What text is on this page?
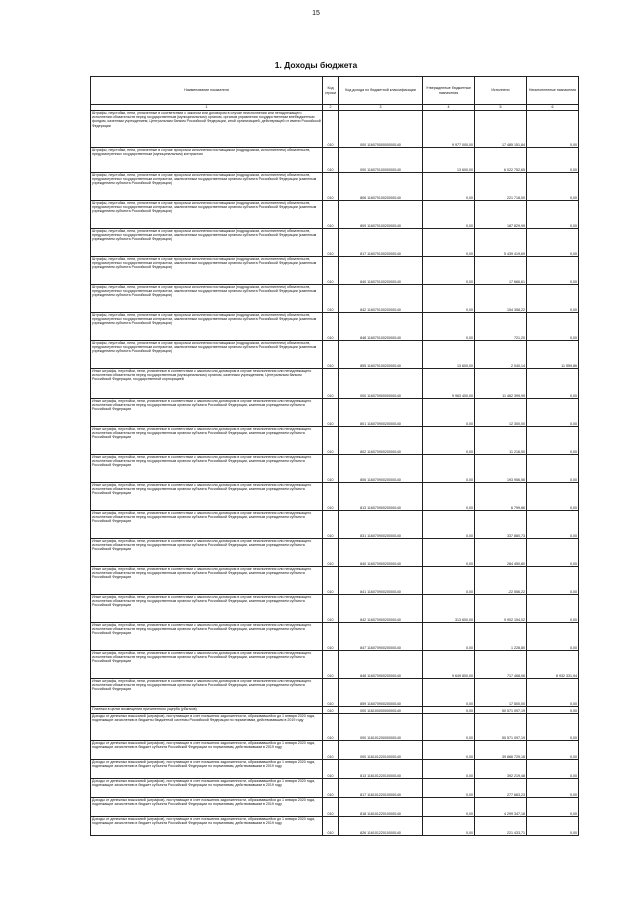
15
1. Доходы бюджета
Наименование показателя	Код строки	Код дохода по бюджетной классификации	Утвержденные бюджетные назначения	Исполнено	Неисполненные назначения
1	2	3	4	5	6
Штрафы, неустойки, пени, уплаченные в соответствии с законом или договором в случае неисполнения или ненадлежащего исполнения обязательств перед государственным (муниципальным) органом, органом управления государственным внебюджетным фондом, казенным учреждением, Центральным банком Российской Федерации, иной организацией, действующей от имени Российской Федерации	010	000 11607000000000140	9 977 000,00	17 485 151,84	0,00
Штрафы, неустойки, пени, уплаченные в случае просрочки исполнения поставщиком (подрядчиком, исполнителем) обязательств, предусмотренных государственным (муниципальным) контрактом	010	000 11607010000000140	13 600,00	6 022 752,65	0,00
Штрафы, неустойки, пени, уплаченные в случае просрочки исполнения поставщиком (подрядчиком, исполнителем) обязательств, предусмотренных государственным контрактом, заключенным государственным органом субъекта Российской Федерации (казенным учреждением субъекта Российской Федерации)	010	806 11607010020000140	0,00	221 718,00	0,00
Штрафы, неустойки, пени, уплаченные в случае просрочки исполнения поставщиком (подрядчиком, исполнителем) обязательств, предусмотренных государственным контрактом, заключенным государственным органом субъекта Российской Федерации (казенным учреждением субъекта Российской Федерации)	010	809 11607010020000140	0,00	187 829,99	0,00
Штрафы, неустойки, пени, уплаченные в случае просрочки исполнения поставщиком (подрядчиком, исполнителем) обязательств, предусмотренных государственным контрактом, заключенным государственным органом субъекта Российской Федерации (казенным учреждением субъекта Российской Федерации)	010	817 11607010020000140	0,00	5 439 419,69	0,00
Штрафы, неустойки, пени, уплаченные в случае просрочки исполнения поставщиком (подрядчиком, исполнителем) обязательств, предусмотренных государственным контрактом, заключенным государственным органом субъекта Российской Федерации (казенным учреждением субъекта Российской Федерации)	010	840 11607010020000140	0,00	17 666,61	0,00
Штрафы, неустойки, пени, уплаченные в случае просрочки исполнения поставщиком (подрядчиком, исполнителем) обязательств, предусмотренных государственным контрактом, заключенным государственным органом субъекта Российской Федерации (казенным учреждением субъекта Российской Федерации)	010	842 11607010020000140	0,00	154 358,22	0,00
Штрафы, неустойки, пени, уплаченные в случае просрочки исполнения поставщиком (подрядчиком, исполнителем) обязательств, предусмотренных государственным контрактом, заключенным государственным органом субъекта Российской Федерации (казенным учреждением субъекта Российской Федерации)	010	848 11607010020000140	0,00	721,20	0,00
Штрафы, неустойки, пени, уплаченные в случае просрочки исполнения поставщиком (подрядчиком, исполнителем) обязательств, предусмотренных государственным контрактом, заключенным государственным органом субъекта Российской Федерации (казенным учреждением субъекта Российской Федерации)	010	855 11607010020000140	13 600,00	2 040,14	11 559,86
Иные штрафы, неустойки, пени, уплаченные в соответствии с законом или договором в случае неисполнения или ненадлежащего исполнения обязательств перед государственным (муниципальным) органом, казенным учреждением, Центральным банком Российской Федерации, государственной корпорацией	010	000 11607090000000140	9 963 400,00	11 462 399,99	0,00
Иные штрафы, неустойки, пени, уплаченные в соответствии с законом или договором в случае неисполнения или ненадлежащего исполнения обязательств перед государственным органом субъекта Российской Федерации, казенным учреждением субъекта Российской Федерации	010	801 11607090020000140	0,00	12 300,00	0,00
Иные штрафы, неустойки, пени, уплаченные в соответствии с законом или договором в случае неисполнения или ненадлежащего исполнения обязательств перед государственным органом субъекта Российской Федерации, казенным учреждением субъекта Российской Федерации	010	802 11607090020000140	0,00	11 216,50	0,00
Иные штрафы, неустойки, пени, уплаченные в соответствии с законом или договором в случае неисполнения или ненадлежащего исполнения обязательств перед государственным органом субъекта Российской Федерации, казенным учреждением субъекта Российской Федерации	010	806 11607090020000140	0,00	193 956,56	0,00
Иные штрафы, неустойки, пени, уплаченные в соответствии с законом или договором в случае неисполнения или ненадлежащего исполнения обязательств перед государственным органом субъекта Российской Федерации, казенным учреждением субъекта Российской Федерации	010	813 11607090020000140	0,00	6 799,86	0,00
Иные штрафы, неустойки, пени, уплаченные в соответствии с законом или договором в случае неисполнения или ненадлежащего исполнения обязательств перед государственным органом субъекта Российской Федерации, казенным учреждением субъекта Российской Федерации	010	831 11607090020000140	0,00	337 880,73	0,00
Иные штрафы, неустойки, пени, уплаченные в соответствии с законом или договором в случае неисполнения или ненадлежащего исполнения обязательств перед государственным органом субъекта Российской Федерации, казенным учреждением субъекта Российской Федерации	010	840 11607090020000140	0,00	284 450,80	0,00
Иные штрафы, неустойки, пени, уплаченные в соответствии с законом или договором в случае неисполнения или ненадлежащего исполнения обязательств перед государственным органом субъекта Российской Федерации, казенным учреждением субъекта Российской Федерации	010	841 11607090020000140	0,00	-22 556,22	0,00
Иные штрафы, неустойки, пени, уплаченные в соответствии с законом или договором в случае неисполнения или ненадлежащего исполнения обязательств перед государственным органом субъекта Российской Федерации, казенным учреждением субъекта Российской Федерации	010	842 11607090020000140	313 600,00	9 902 154,02	0,00
Иные штрафы, неустойки, пени, уплаченные в соответствии с законом или договором в случае неисполнения или ненадлежащего исполнения обязательств перед государственным органом субъекта Российской Федерации, казенным учреждением субъекта Российской Федерации	010	847 11607090020000140	0,00	1 228,80	0,00
Иные штрафы, неустойки, пени, уплаченные в соответствии с законом или договором в случае неисполнения или ненадлежащего исполнения обязательств перед государственным органом субъекта Российской Федерации, казенным учреждением субъекта Российской Федерации	010	848 11607090020000140	9 649 800,00	717 468,06	8 932 331,94
Иные штрафы, неустойки, пени, уплаченные в соответствии с законом или договором в случае неисполнения или ненадлежащего исполнения обязательств перед государственным органом субъекта Российской Федерации, казенным учреждением субъекта Российской Федерации	010	859 11607090020000140	0,00	17 500,00	0,00
Платежи в целях возмещения причиненного ущерба (убытков)	010	000 11610000000000140	0,00	50 571 097,19	0,00
Доходы от денежных взысканий (штрафов), поступающие в счет погашения задолженности, образовавшейся до 1 января 2020 года, подлежащие зачислению в бюджеты бюджетной системы Российской Федерации по нормативам, действовавшим в 2019 году	010	000 11610120000000140	0,00	50 571 097,19	0,00
Доходы от денежных взысканий (штрафов), поступающие в счет погашения задолженности, образовавшейся до 1 января 2020 года, подлежащие зачислению в бюджет субъекта Российской Федерации по нормативам, действовавшим в 2019 году	010	000 11610122010000140	0,00	39 866 729,18	0,00
Доходы от денежных взысканий (штрафов), поступающие в счет погашения задолженности, образовавшейся до 1 января 2020 года, подлежащие зачислению в бюджет субъекта Российской Федерации по нормативам, действовавшим в 2019 году	010	813 11610122010000140	0,00	392 219,48	0,00
Доходы от денежных взысканий (штрафов), поступающие в счет погашения задолженности, образовавшейся до 1 января 2020 года, подлежащие зачислению в бюджет субъекта Российской Федерации по нормативам, действовавшим в 2019 году	010	817 11610122010000140	0,00	277 663,23	0,00
Доходы от денежных взысканий (штрафов), поступающие в счет погашения задолженности, образовавшейся до 1 января 2020 года, подлежащие зачислению в бюджет субъекта Российской Федерации по нормативам, действовавшим в 2019 году	010	818 11610122010000140	0,00	4 299 347,18	0,00
Доходы от денежных взысканий (штрафов), поступающие в счет погашения задолженности, образовавшейся до 1 января 2020 года, подлежащие зачислению в бюджет субъекта Российской Федерации по нормативам, действовавшим в 2019 году	010	826 11610122010000140	0,00	221 433,71	0,00
